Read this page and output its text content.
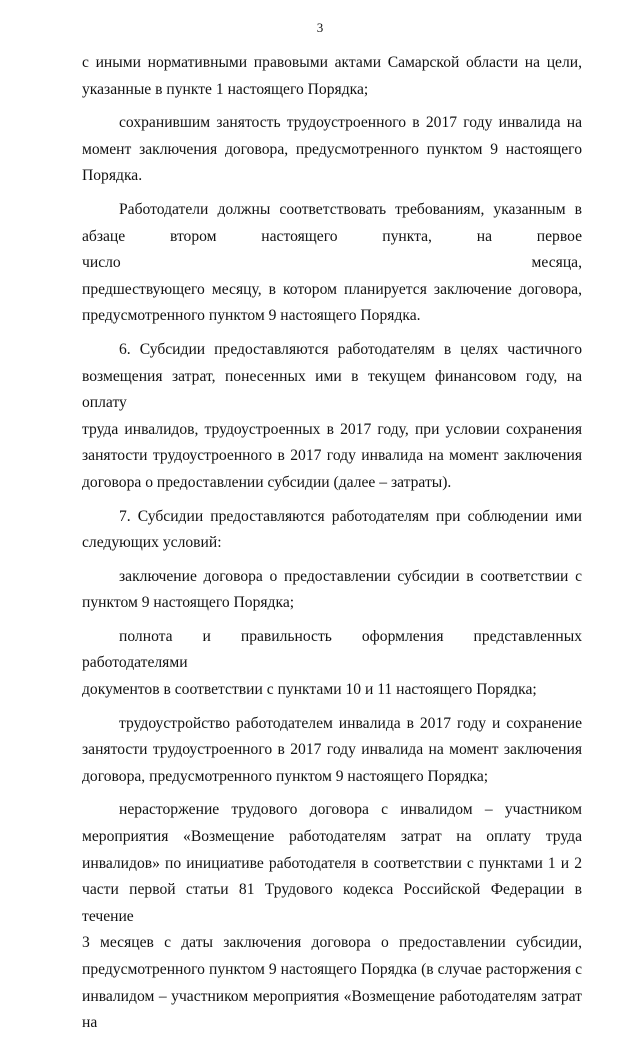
3

с иными нормативными правовыми актами Самарской области на цели,
указанные в пункте 1 настоящего Порядка;

сохранившим занятость трудоустроенного в 2017 году инвалида на
момент заключения договора, предусмотренного пунктом 9 настоящего
Порядка.

Работодатели должны соответствовать требованиям, указанным в
абзаце втором настоящего пункта, на первое число месяца,
предшествующего месяцу, в котором планируется заключение договора,
предусмотренного пунктом 9 настоящего Порядка.

6. Субсидии предоставляются работодателям в целях частичного
возмещения затрат, понесенных ими в текущем финансовом году, на оплату
труда инвалидов, трудоустроенных в 2017 году, при условии сохранения
занятости трудоустроенного в 2017 году инвалида на момент заключения
договора о предоставлении субсидии (далее – затраты).

7. Субсидии предоставляются работодателям при соблюдении ими
следующих условий:

заключение договора о предоставлении субсидии в соответствии с
пунктом 9 настоящего Порядка;

полнота и правильность оформления представленных работодателями
документов в соответствии с пунктами 10 и 11 настоящего Порядка;

трудоустройство работодателем инвалида в 2017 году и сохранение
занятости трудоустроенного в 2017 году инвалида на момент заключения
договора, предусмотренного пунктом 9 настоящего Порядка;

нерасторжение трудового договора с инвалидом – участником
мероприятия «Возмещение работодателям затрат на оплату труда
инвалидов» по инициативе работодателя в соответствии с пунктами 1 и 2
части первой статьи 81 Трудового кодекса Российской Федерации в течение
3 месяцев с даты заключения договора о предоставлении субсидии,
предусмотренного пунктом 9 настоящего Порядка (в случае расторжения с
инвалидом – участником мероприятия «Возмещение работодателям затрат на
